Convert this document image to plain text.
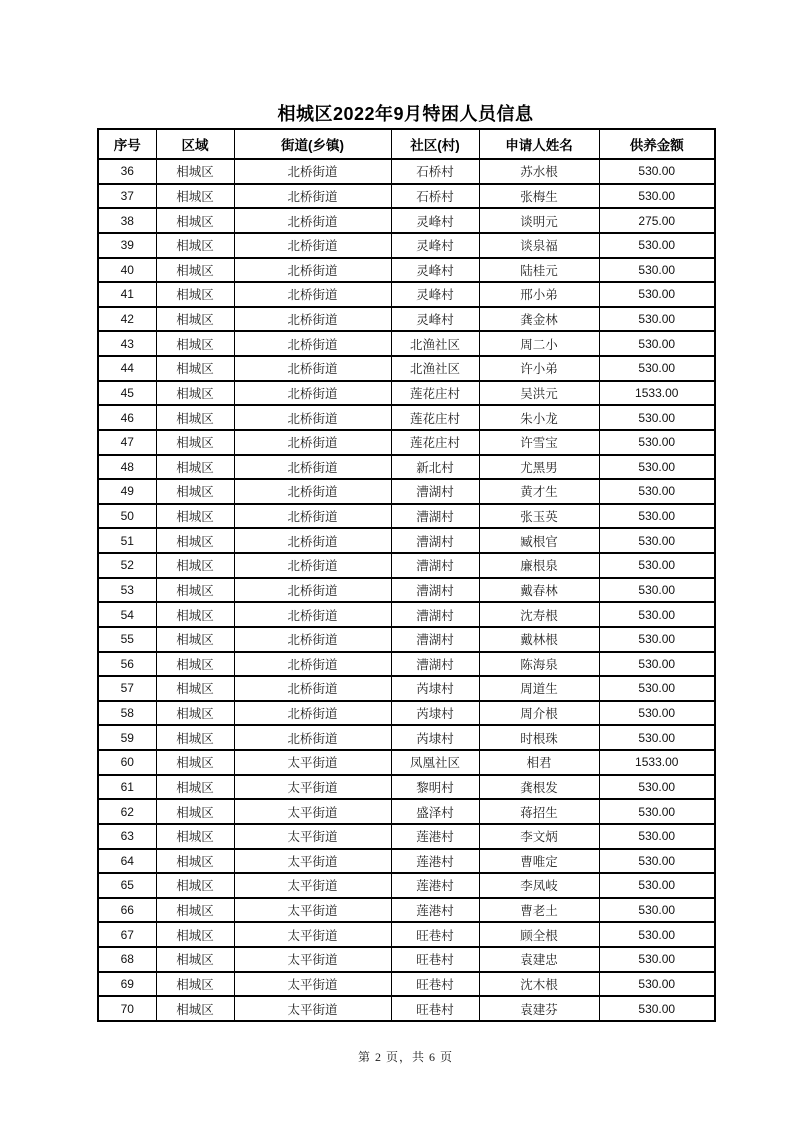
相城区2022年9月特困人员信息
序号	区域	街道(乡镇)	社区(村)	申请人姓名	供养金额
36	相城区	北桥街道	石桥村	苏水根	530.00
37	相城区	北桥街道	石桥村	张梅生	530.00
38	相城区	北桥街道	灵峰村	谈明元	275.00
39	相城区	北桥街道	灵峰村	谈泉福	530.00
40	相城区	北桥街道	灵峰村	陆桂元	530.00
41	相城区	北桥街道	灵峰村	邢小弟	530.00
42	相城区	北桥街道	灵峰村	龚金林	530.00
43	相城区	北桥街道	北渔社区	周二小	530.00
44	相城区	北桥街道	北渔社区	许小弟	530.00
45	相城区	北桥街道	莲花庄村	吴洪元	1533.00
46	相城区	北桥街道	莲花庄村	朱小龙	530.00
47	相城区	北桥街道	莲花庄村	许雪宝	530.00
48	相城区	北桥街道	新北村	尤黑男	530.00
49	相城区	北桥街道	漕湖村	黄才生	530.00
50	相城区	北桥街道	漕湖村	张玉英	530.00
51	相城区	北桥街道	漕湖村	臧根官	530.00
52	相城区	北桥街道	漕湖村	廉根泉	530.00
53	相城区	北桥街道	漕湖村	戴春林	530.00
54	相城区	北桥街道	漕湖村	沈寿根	530.00
55	相城区	北桥街道	漕湖村	戴林根	530.00
56	相城区	北桥街道	漕湖村	陈海泉	530.00
57	相城区	北桥街道	芮埭村	周道生	530.00
58	相城区	北桥街道	芮埭村	周介根	530.00
59	相城区	北桥街道	芮埭村	时根珠	530.00
60	相城区	太平街道	凤凰社区	相君	1533.00
61	相城区	太平街道	黎明村	龚根发	530.00
62	相城区	太平街道	盛泽村	蒋招生	530.00
63	相城区	太平街道	莲港村	李文炳	530.00
64	相城区	太平街道	莲港村	曹唯定	530.00
65	相城区	太平街道	莲港村	李凤岐	530.00
66	相城区	太平街道	莲港村	曹老土	530.00
67	相城区	太平街道	旺巷村	顾全根	530.00
68	相城区	太平街道	旺巷村	袁建忠	530.00
69	相城区	太平街道	旺巷村	沈木根	530.00
70	相城区	太平街道	旺巷村	袁建芬	530.00
第 2 页，共 6 页
